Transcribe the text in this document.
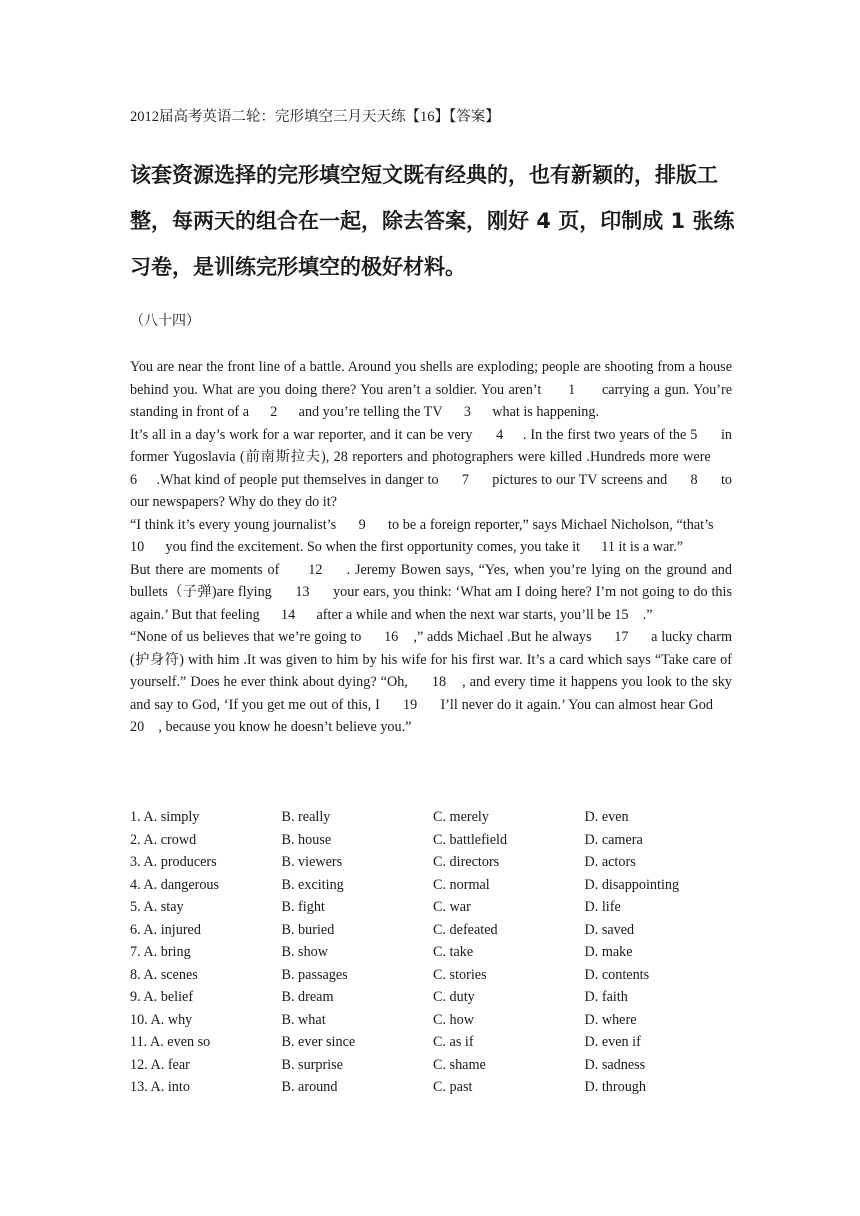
2012届高考英语二轮：完形填空三月天天练【16】【答案】
该套资源选择的完形填空短文既有经典的，也有新颖的，排版工整，每两天的组合在一起，除去答案，刚好 4 页，印制成 1 张练习卷，是训练完形填空的极好材料。
（八十四）

You are near the front line of a battle. Around you shells are exploding; people are shooting from a house behind you. What are you doing there? You aren’t a soldier. You aren’t      1      carrying a gun. You’re standing in front of a      2      and you’re telling the TV      3      what is happening.

It’s all in a day’s work for a war reporter, and it can be very      4     . In the first two years of the 5      in former Yugoslavia (前南斯拉夫), 28 reporters and photographers were killed .Hundreds more were      6     .What kind of people put themselves in danger to      7      pictures to our TV screens and      8      to our newspapers? Why do they do it?

“I think it’s every young journalist’s      9      to be a foreign reporter,” says Michael Nicholson, “that’s      10      you find the excitement. So when the first opportunity comes, you take it      11 it is a war.”

But there are moments of      12     . Jeremy Bowen says, “Yes, when you’re lying on the ground and bullets（子弹)are flying      13      your ears, you think: ‘What am I doing here? I’m not going to do this again.’ But that feeling      14      after a while and when the next war starts, you’ll be 15    .”

“None of us believes that we’re going to      16    ,” adds Michael .But he always      17      a lucky charm (护身符) with him .It was given to him by his wife for his first war. It’s a card which says “Take care of yourself.” Does he ever think about dying? “Oh,      18    , and every time it happens you look to the sky and say to God, ‘If you get me out of this, I      19      I’ll never do it again.’ You can almost hear God      20    , because you know he doesn’t believe you.”

1. A. simply	B. really	C. merely	D. even
2. A. crowd	B. house	C. battlefield	D. camera
3. A. producers	B. viewers	C. directors	D. actors
4. A. dangerous	B. exciting	C. normal	D. disappointing
5. A. stay	B. fight	C. war	D. life
6. A. injured	B. buried	C. defeated	D. saved
7. A. bring	B. show	C. take	D. make
8. A. scenes	B. passages	C. stories	D. contents
9. A. belief	B. dream	C. duty	D. faith
10. A. why	B. what	C. how	D. where
11. A. even so	B. ever since	C. as if	D. even if
12. A. fear	B. surprise	C. shame	D. sadness
13. A. into	B. around	C. past	D. through
